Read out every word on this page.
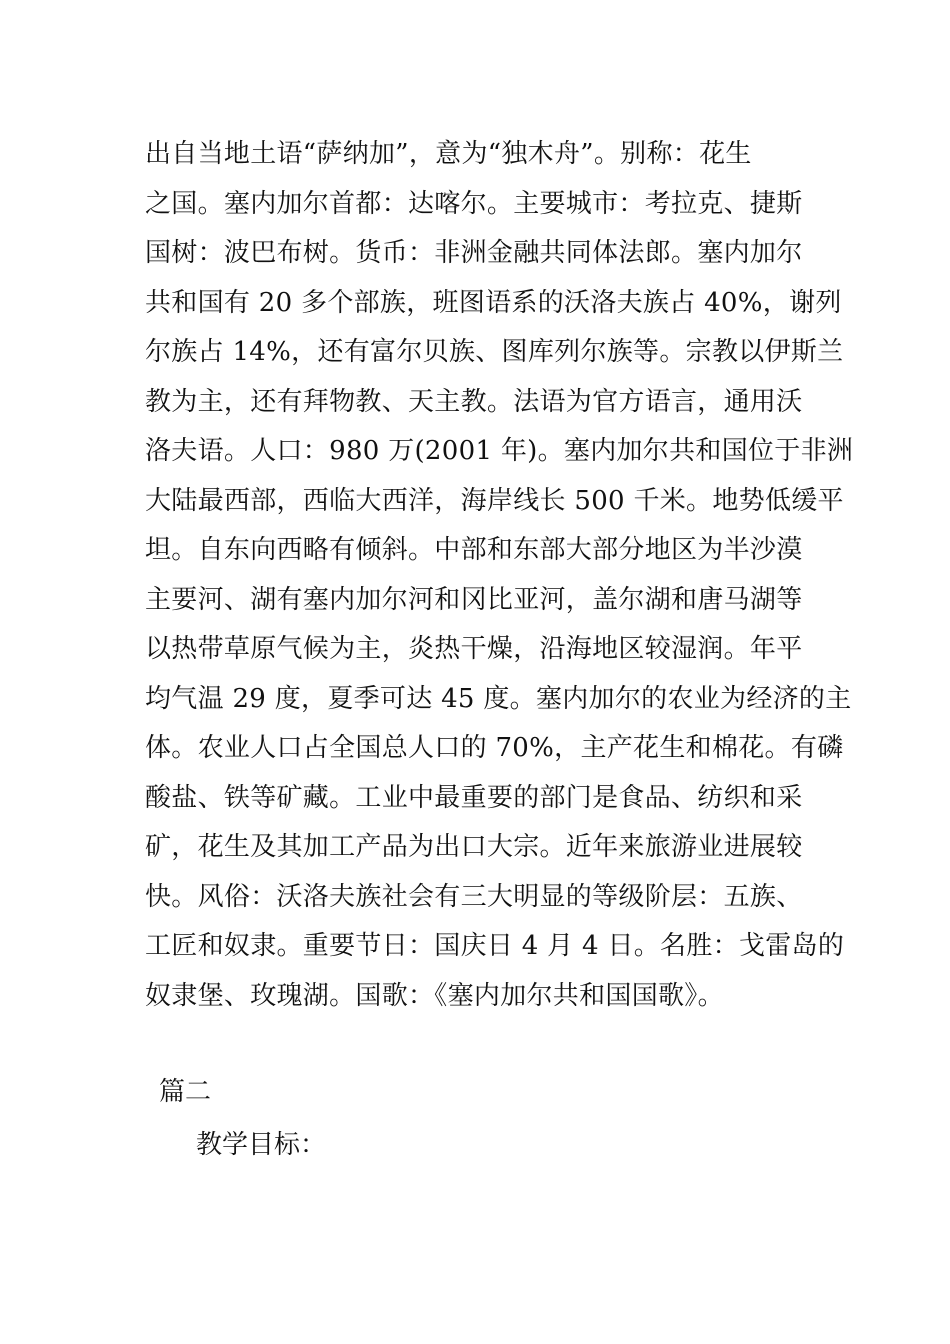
出自当地土语“萨纳加”，意为“独木舟”。别称：花生
之国。塞内加尔首都：达喀尔。主要城市：考拉克、捷斯
国树：波巴布树。货币：非洲金融共同体法郎。塞内加尔
共和国有 20 多个部族，班图语系的沃洛夫族占 40%，谢列
尔族占 14%，还有富尔贝族、图库列尔族等。宗教以伊斯兰
教为主，还有拜物教、天主教。法语为官方语言，通用沃
洛夫语。人口：980 万(2001 年)。塞内加尔共和国位于非洲
大陆最西部，西临大西洋，海岸线长 500 千米。地势低缓平
坦。自东向西略有倾斜。中部和东部大部分地区为半沙漠
主要河、湖有塞内加尔河和冈比亚河，盖尔湖和唐马湖等
以热带草原气候为主，炎热干燥，沿海地区较湿润。年平
均气温 29 度，夏季可达 45 度。塞内加尔的农业为经济的主
体。农业人口占全国总人口的 70%，主产花生和棉花。有磷
酸盐、铁等矿藏。工业中最重要的部门是食品、纺织和采
矿，花生及其加工产品为出口大宗。近年来旅游业进展较
快。风俗：沃洛夫族社会有三大明显的等级阶层：五族、
工匠和奴隶。重要节日：国庆日 4 月 4 日。名胜：戈雷岛的
奴隶堡、玫瑰湖。国歌：《塞内加尔共和国国歌》。
篇二
教学目标：
